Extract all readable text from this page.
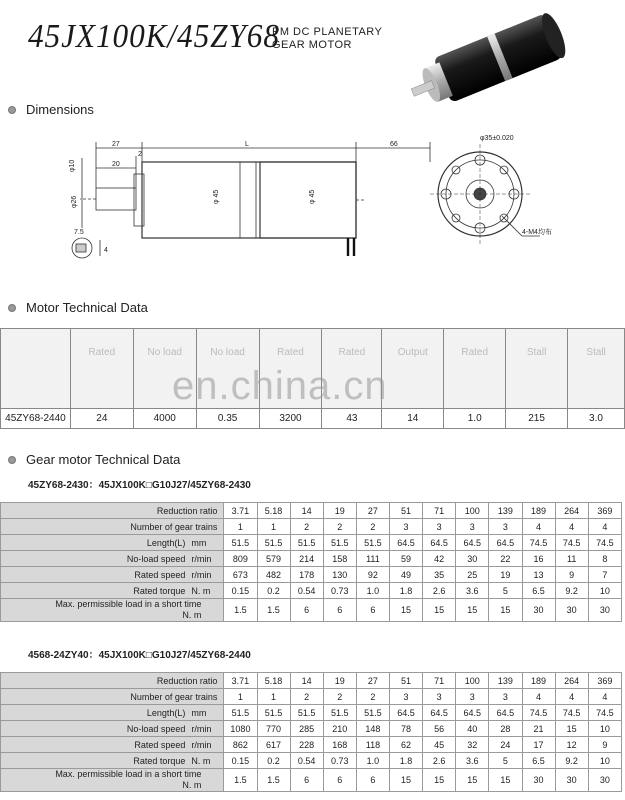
45JX100K/45ZY68
PM DC PLANETARY
GEAR MOTOR
Dimensions
27	L	66
20
2
φ10
φ26	φ 45	φ 45
7.5
4
φ35±0.020
4-M4均布
Motor Technical Data
	Rated	No load	No load	Rated	Rated	Output	Rated	Stall	Stall
45ZY68-2440	24	4000	0.35	3200	43	14	1.0	215	3.0
en.china.cn
Gear motor Technical Data
45ZY68-2430：45JX100K□G10J27/45ZY68-2430
Reduction ratio	3.71	5.18	14	19	27	51	71	100	139	189	264	369
Number of gear trains	1	1	2	2	2	3	3	3	3	4	4	4
Length(L) mm	51.5	51.5	51.5	51.5	51.5	64.5	64.5	64.5	64.5	74.5	74.5	74.5
No-load speed r/min	809	579	214	158	111	59	42	30	22	16	11	8
Rated speed r/min	673	482	178	130	92	49	35	25	19	13	9	7
Rated torque N. m	0.15	0.2	0.54	0.73	1.0	1.8	2.6	3.6	5	6.5	9.2	10
Max. permissible load in a short time
N. m	1.5	1.5	6	6	6	15	15	15	15	30	30	30
4568-24ZY40：45JX100K□G10J27/45ZY68-2440
Reduction ratio	3.71	5.18	14	19	27	51	71	100	139	189	264	369
Number of gear trains	1	1	2	2	2	3	3	3	3	4	4	4
Length(L) mm	51.5	51.5	51.5	51.5	51.5	64.5	64.5	64.5	64.5	74.5	74.5	74.5
No-load speed r/min	1080	770	285	210	148	78	56	40	28	21	15	10
Rated speed r/min	862	617	228	168	118	62	45	32	24	17	12	9
Rated torque N. m	0.15	0.2	0.54	0.73	1.0	1.8	2.6	3.6	5	6.5	9.2	10
Max. permissible load in a short time
N. m	1.5	1.5	6	6	6	15	15	15	15	30	30	30
